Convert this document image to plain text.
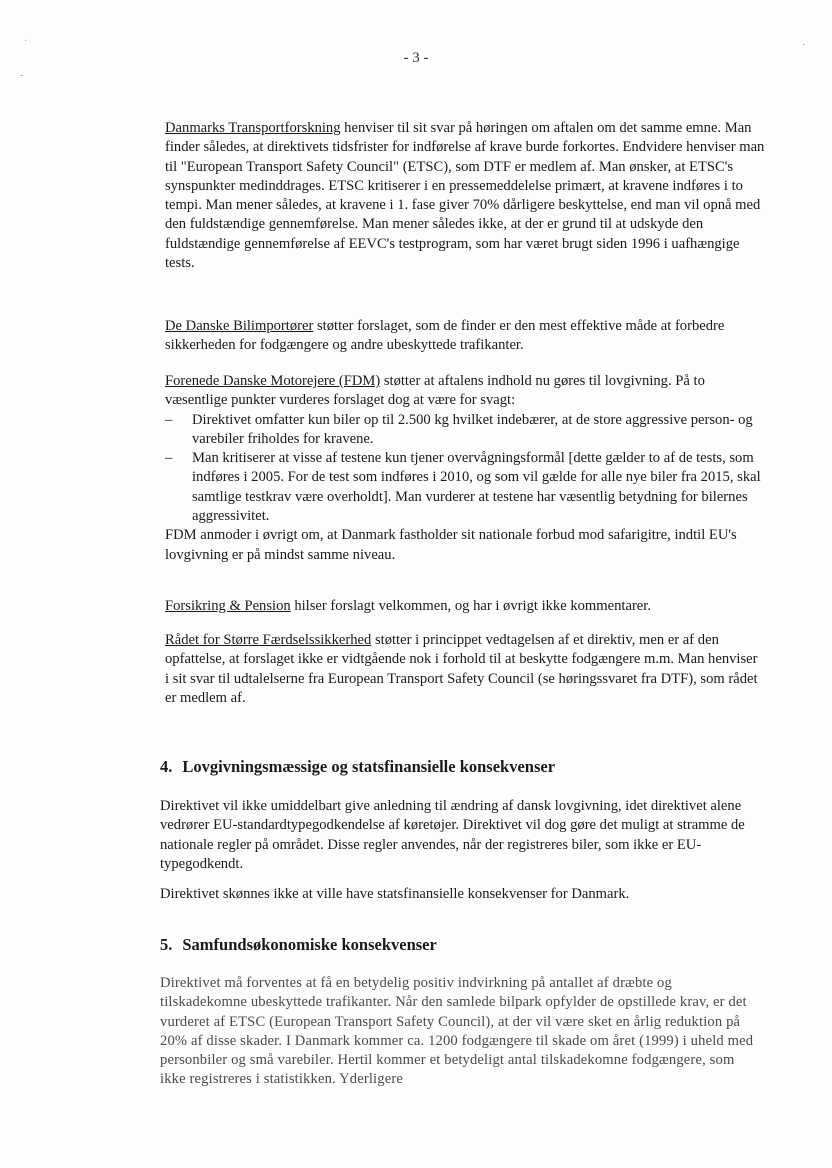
·
-
·
- 3 -

Danmarks Transportforskning henviser til sit svar på høringen om aftalen om det samme emne. Man finder således, at direktivets tidsfrister for indførelse af krave burde forkortes. Endvidere henviser man til "European Transport Safety Council" (ETSC), som DTF er medlem af. Man ønsker, at ETSC's synspunkter medinddrages. ETSC kritiserer i en pressemeddelelse primært, at kravene indføres i to tempi. Man mener således, at kravene i 1. fase giver 70% dårligere beskyttelse, end man vil opnå med den fuldstændige gennemførelse. Man mener således ikke, at der er grund til at udskyde den fuldstændige gennemførelse af EEVC's testprogram, som har været brugt siden 1996 i uafhængige tests.

De Danske Bilimportører støtter forslaget, som de finder er den mest effektive måde at forbedre sikkerheden for fodgængere og andre ubeskyttede trafikanter.

Forenede Danske Motorejere (FDM) støtter at aftalens indhold nu gøres til lovgivning. På to væsentlige punkter vurderes forslaget dog at være for svagt:

– Direktivet omfatter kun biler op til 2.500 kg hvilket indebærer, at de store aggressive person- og varebiler friholdes for kravene.
– Man kritiserer at visse af testene kun tjener overvågningsformål [dette gælder to af de tests, som indføres i 2005. For de test som indføres i 2010, og som vil gælde for alle nye biler fra 2015, skal samtlige testkrav være overholdt]. Man vurderer at testene har væsentlig betydning for bilernes aggressivitet.

FDM anmoder i øvrigt om, at Danmark fastholder sit nationale forbud mod safarigitre, indtil EU's lovgivning er på mindst samme niveau.

Forsikring & Pension hilser forslagt velkommen, og har i øvrigt ikke kommentarer.

Rådet for Større Færdselssikkerhed støtter i princippet vedtagelsen af et direktiv, men er af den opfattelse, at forslaget ikke er vidtgående nok i forhold til at beskytte fodgængere m.m. Man henviser i sit svar til udtalelserne fra European Transport Safety Council (se høringssvaret fra DTF), som rådet er medlem af.

4. Lovgivningsmæssige og statsfinansielle konsekvenser

Direktivet vil ikke umiddelbart give anledning til ændring af dansk lovgivning, idet direktivet alene vedrører EU-standardtypegodkendelse af køretøjer. Direktivet vil dog gøre det muligt at stramme de nationale regler på området. Disse regler anvendes, når der registreres biler, som ikke er EU-typegodkendt.

Direktivet skønnes ikke at ville have statsfinansielle konsekvenser for Danmark.

5. Samfundsøkonomiske konsekvenser

Direktivet må forventes at få en betydelig positiv indvirkning på antallet af dræbte og tilskadekomne ubeskyttede trafikanter. Når den samlede bilpark opfylder de opstillede krav, er det vurderet af ETSC (European Transport Safety Council), at der vil være sket en årlig reduktion på 20% af disse skader. I Danmark kommer ca. 1200 fodgængere til skade om året (1999) i uheld med personbiler og små varebiler. Hertil kommer et betydeligt antal tilskadekomne fodgængere, som ikke registreres i statistikken. Yderligere
